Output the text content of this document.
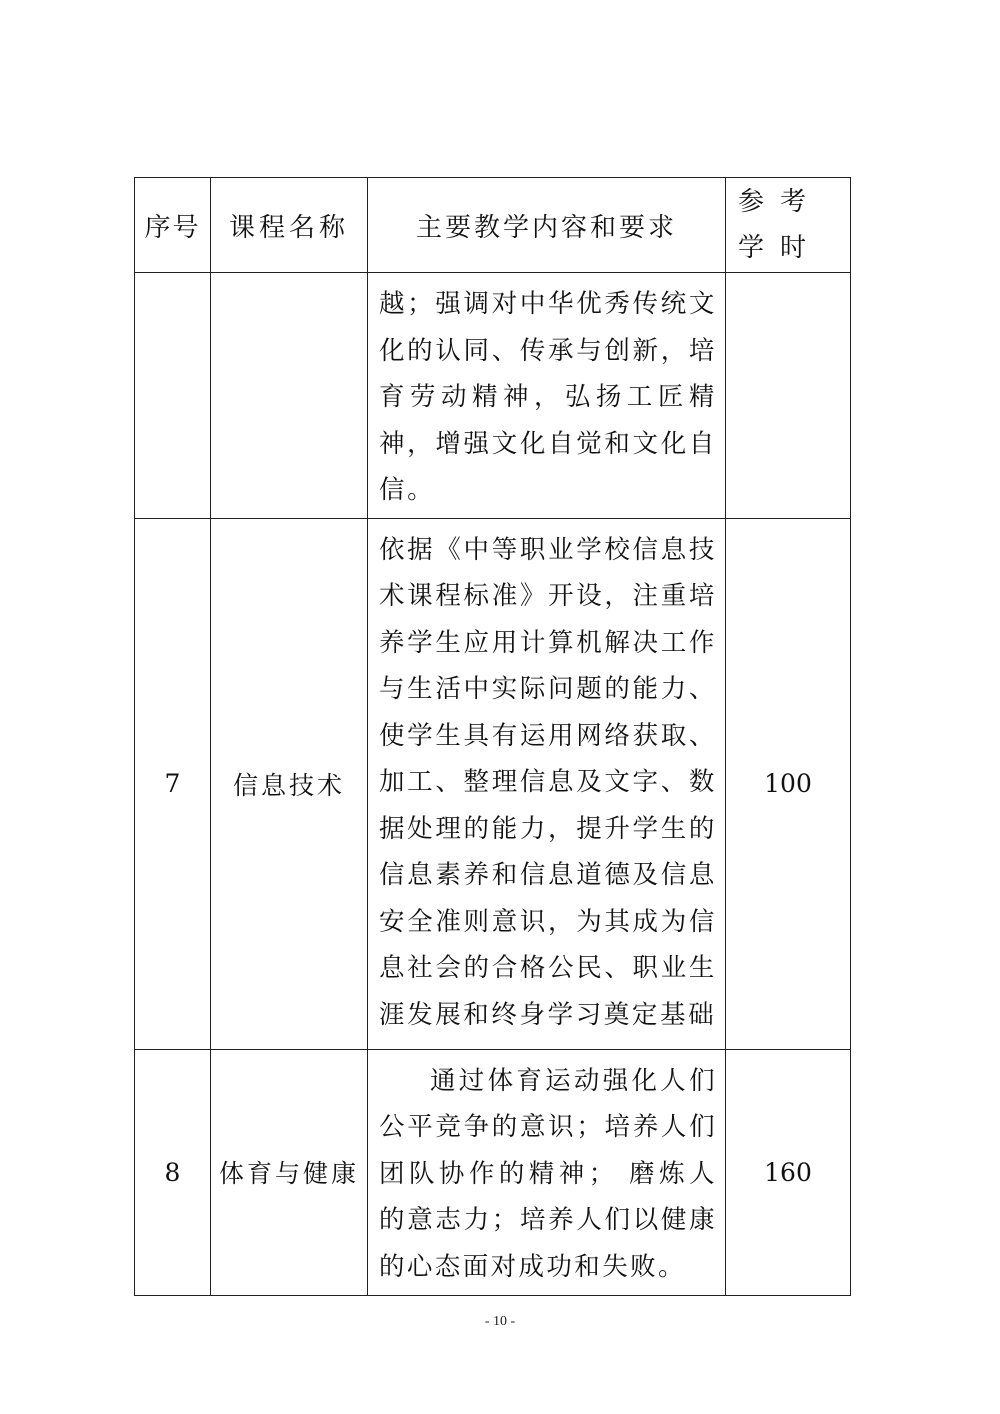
序号	课程名称	主要教学内容和要求	参考学时

		越；强调对中华优秀传统文化的认同、传承与创新，培育劳动精神，弘扬工匠精神，增强文化自觉和文化自信。	

7	信息技术	依据《中等职业学校信息技术课程标准》开设，注重培养学生应用计算机解决工作与生活中实际问题的能力、使学生具有运用网络获取、加工、整理信息及文字、数据处理的能力，提升学生的信息素养和信息道德及信息安全准则意识，为其成为信息社会的合格公民、职业生涯发展和终身学习奠定基础	100
8	体育与健康	通过体育运动强化人们公平竞争的意识；培养人们团队协作的精神； 磨炼人的意志力；培养人们以健康的心态面对成功和失败。	160
- 10 -
